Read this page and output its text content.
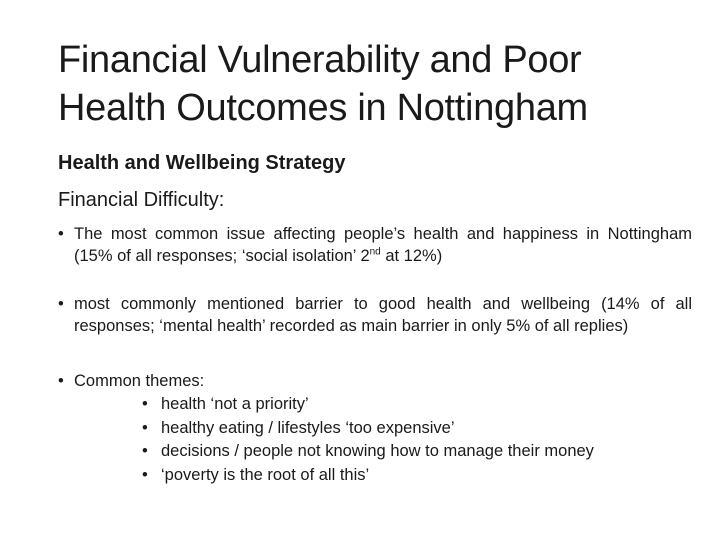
Financial Vulnerability and Poor
Health Outcomes in Nottingham

Health and Wellbeing Strategy

Financial Difficulty:

• The most common issue affecting people’s health and happiness in Nottingham (15% of all responses; ‘social isolation’ 2nd at 12%)
• most commonly mentioned barrier to good health and wellbeing (14% of all responses; ‘mental health’ recorded as main barrier in only 5% of all replies)
• Common themes:
• health ‘not a priority’
• healthy eating / lifestyles ‘too expensive’
• decisions / people not knowing how to manage their money
• ‘poverty is the root of all this’
